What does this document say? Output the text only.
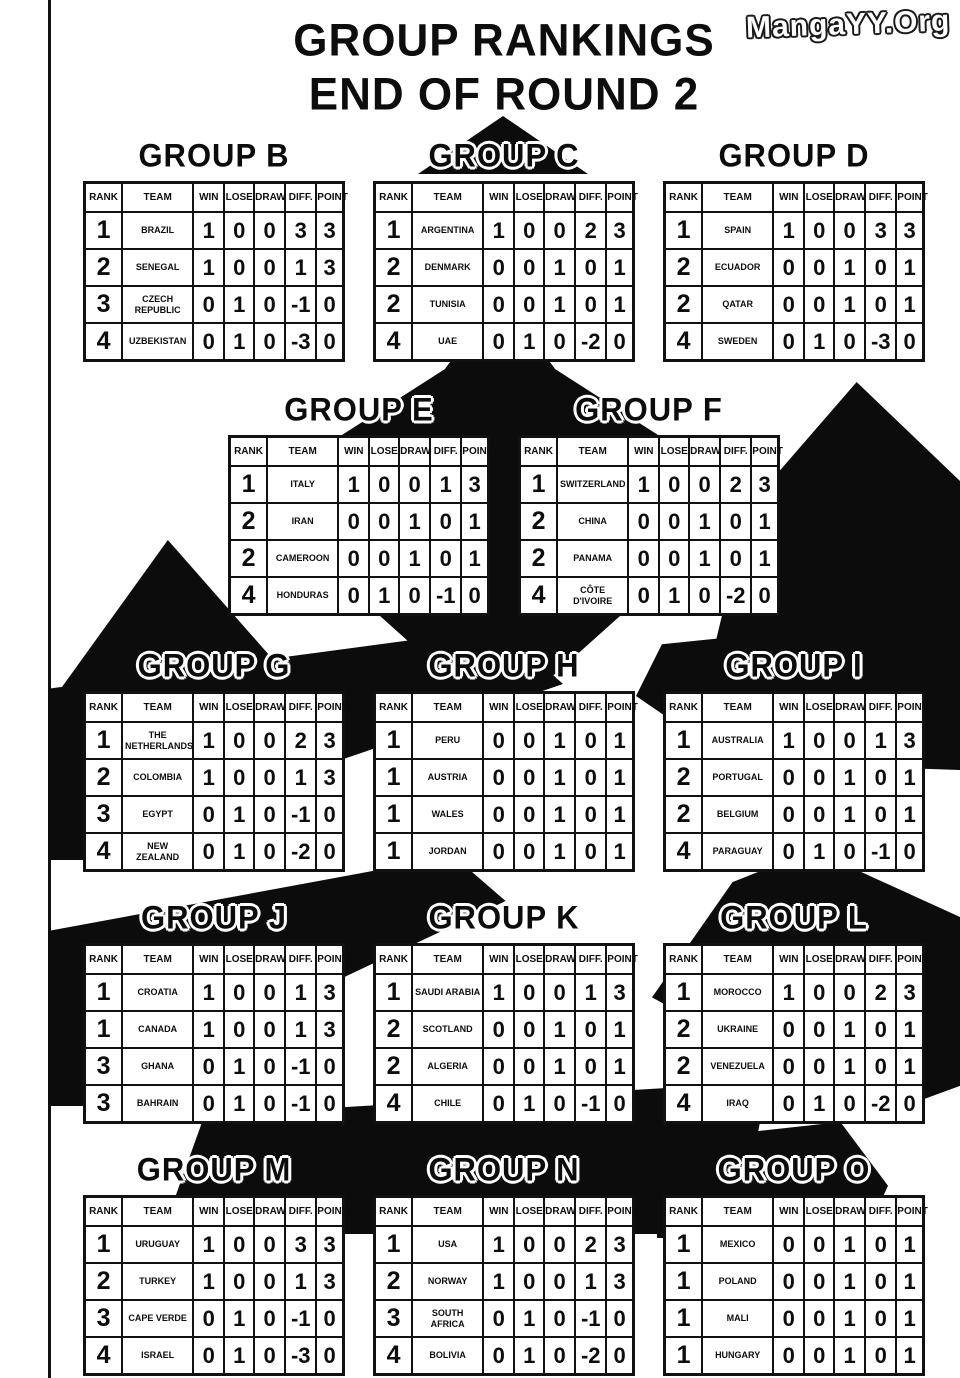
GROUP RANKINGS
END OF ROUND 2
MangaYY.Org
GROUP B
RANK	TEAM	WIN	LOSE	DRAW	DIFF.	POINT
1	BRAZIL	1	0	0	3	3
2	SENEGAL	1	0	0	1	3
3	CZECH REPUBLIC	0	1	0	-1	0
4	UZBEKISTAN	0	1	0	-3	0
GROUP C
RANK	TEAM	WIN	LOSE	DRAW	DIFF.	POINT
1	ARGENTINA	1	0	0	2	3
2	DENMARK	0	0	1	0	1
2	TUNISIA	0	0	1	0	1
4	UAE	0	1	0	-2	0
GROUP D
RANK	TEAM	WIN	LOSE	DRAW	DIFF.	POINT
1	SPAIN	1	0	0	3	3
2	ECUADOR	0	0	1	0	1
2	QATAR	0	0	1	0	1
4	SWEDEN	0	1	0	-3	0
GROUP E
RANK	TEAM	WIN	LOSE	DRAW	DIFF.	POINT
1	ITALY	1	0	0	1	3
2	IRAN	0	0	1	0	1
2	CAMEROON	0	0	1	0	1
4	HONDURAS	0	1	0	-1	0
GROUP F
RANK	TEAM	WIN	LOSE	DRAW	DIFF.	POINT
1	SWITZERLAND	1	0	0	2	3
2	CHINA	0	0	1	0	1
2	PANAMA	0	0	1	0	1
4	CÔTE D'IVOIRE	0	1	0	-2	0
GROUP G
RANK	TEAM	WIN	LOSE	DRAW	DIFF.	POINT
1	THE NETHERLANDS	1	0	0	2	3
2	COLOMBIA	1	0	0	1	3
3	EGYPT	0	1	0	-1	0
4	NEW ZEALAND	0	1	0	-2	0
GROUP H
RANK	TEAM	WIN	LOSE	DRAW	DIFF.	POINT
1	PERU	0	0	1	0	1
1	AUSTRIA	0	0	1	0	1
1	WALES	0	0	1	0	1
1	JORDAN	0	0	1	0	1
GROUP I
RANK	TEAM	WIN	LOSE	DRAW	DIFF.	POINT
1	AUSTRALIA	1	0	0	1	3
2	PORTUGAL	0	0	1	0	1
2	BELGIUM	0	0	1	0	1
4	PARAGUAY	0	1	0	-1	0
GROUP J
RANK	TEAM	WIN	LOSE	DRAW	DIFF.	POINT
1	CROATIA	1	0	0	1	3
1	CANADA	1	0	0	1	3
3	GHANA	0	1	0	-1	0
3	BAHRAIN	0	1	0	-1	0
GROUP K
RANK	TEAM	WIN	LOSE	DRAW	DIFF.	POINT
1	SAUDI ARABIA	1	0	0	1	3
2	SCOTLAND	0	0	1	0	1
2	ALGERIA	0	0	1	0	1
4	CHILE	0	1	0	-1	0
GROUP L
RANK	TEAM	WIN	LOSE	DRAW	DIFF.	POINT
1	MOROCCO	1	0	0	2	3
2	UKRAINE	0	0	1	0	1
2	VENEZUELA	0	0	1	0	1
4	IRAQ	0	1	0	-2	0
GROUP M
RANK	TEAM	WIN	LOSE	DRAW	DIFF.	POINT
1	URUGUAY	1	0	0	3	3
2	TURKEY	1	0	0	1	3
3	CAPE VERDE	0	1	0	-1	0
4	ISRAEL	0	1	0	-3	0
GROUP N
RANK	TEAM	WIN	LOSE	DRAW	DIFF.	POINT
1	USA	1	0	0	2	3
2	NORWAY	1	0	0	1	3
3	SOUTH AFRICA	0	1	0	-1	0
4	BOLIVIA	0	1	0	-2	0
GROUP O
RANK	TEAM	WIN	LOSE	DRAW	DIFF.	POINT
1	MEXICO	0	0	1	0	1
1	POLAND	0	0	1	0	1
1	MALI	0	0	1	0	1
1	HUNGARY	0	0	1	0	1
